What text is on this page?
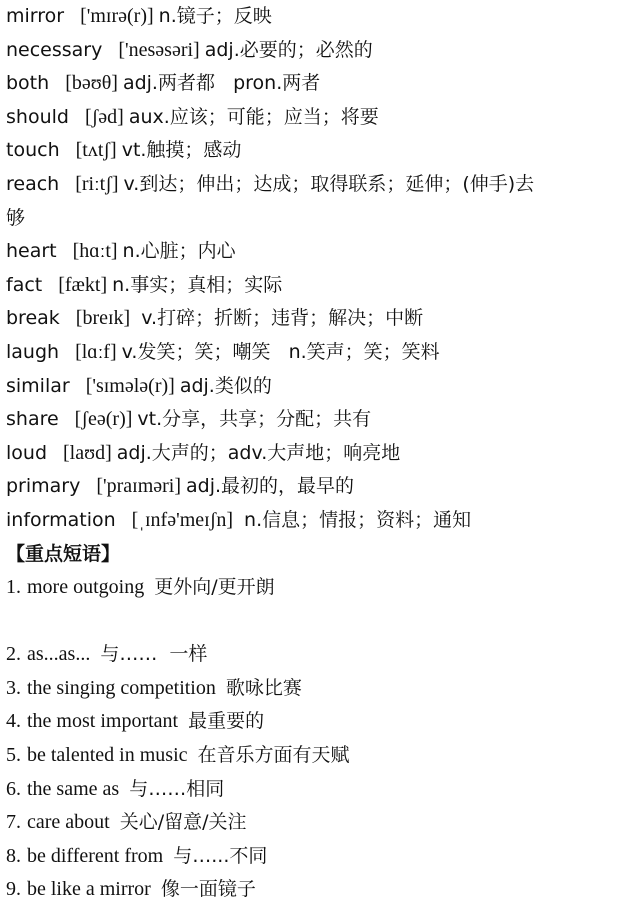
mirror ['mɪrə(r)] n.镜子；反映
necessary ['nesəsəri] adj.必要的；必然的
both [bəʊθ] adj.两者都   pron.两者
should [ʃəd] aux.应该；可能；应当；将要
touch [tʌtʃ] vt.触摸；感动
reach [riːtʃ] v.到达；伸出；达成；取得联系；延伸；(伸手)去
够
heart [hɑːt] n.心脏；内心
fact [fækt] n.事实；真相；实际
break [breɪk] v.打碎；折断；违背；解决；中断
laugh [lɑːf] v.发笑；笑；嘲笑   n.笑声；笑；笑料
similar ['sɪmələ(r)] adj.类似的
share [ʃeə(r)] vt.分享，共享；分配；共有
loud [laʊd] adj.大声的；adv.大声地；响亮地
primary ['praɪməri] adj.最初的，最早的
information [ˌɪnfə'meɪʃn] n.信息；情报；资料；通知
【重点短语】
1. more outgoing 更外向/更开朗
2. as...as... 与……  一样
3. the singing competition 歌咏比赛
4. the most important 最重要的
5. be talented in music 在音乐方面有天赋
6. the same as 与……相同
7. care about 关心/留意/关注
8. be different from 与…...不同
9. be like a mirror 像一面镜子
